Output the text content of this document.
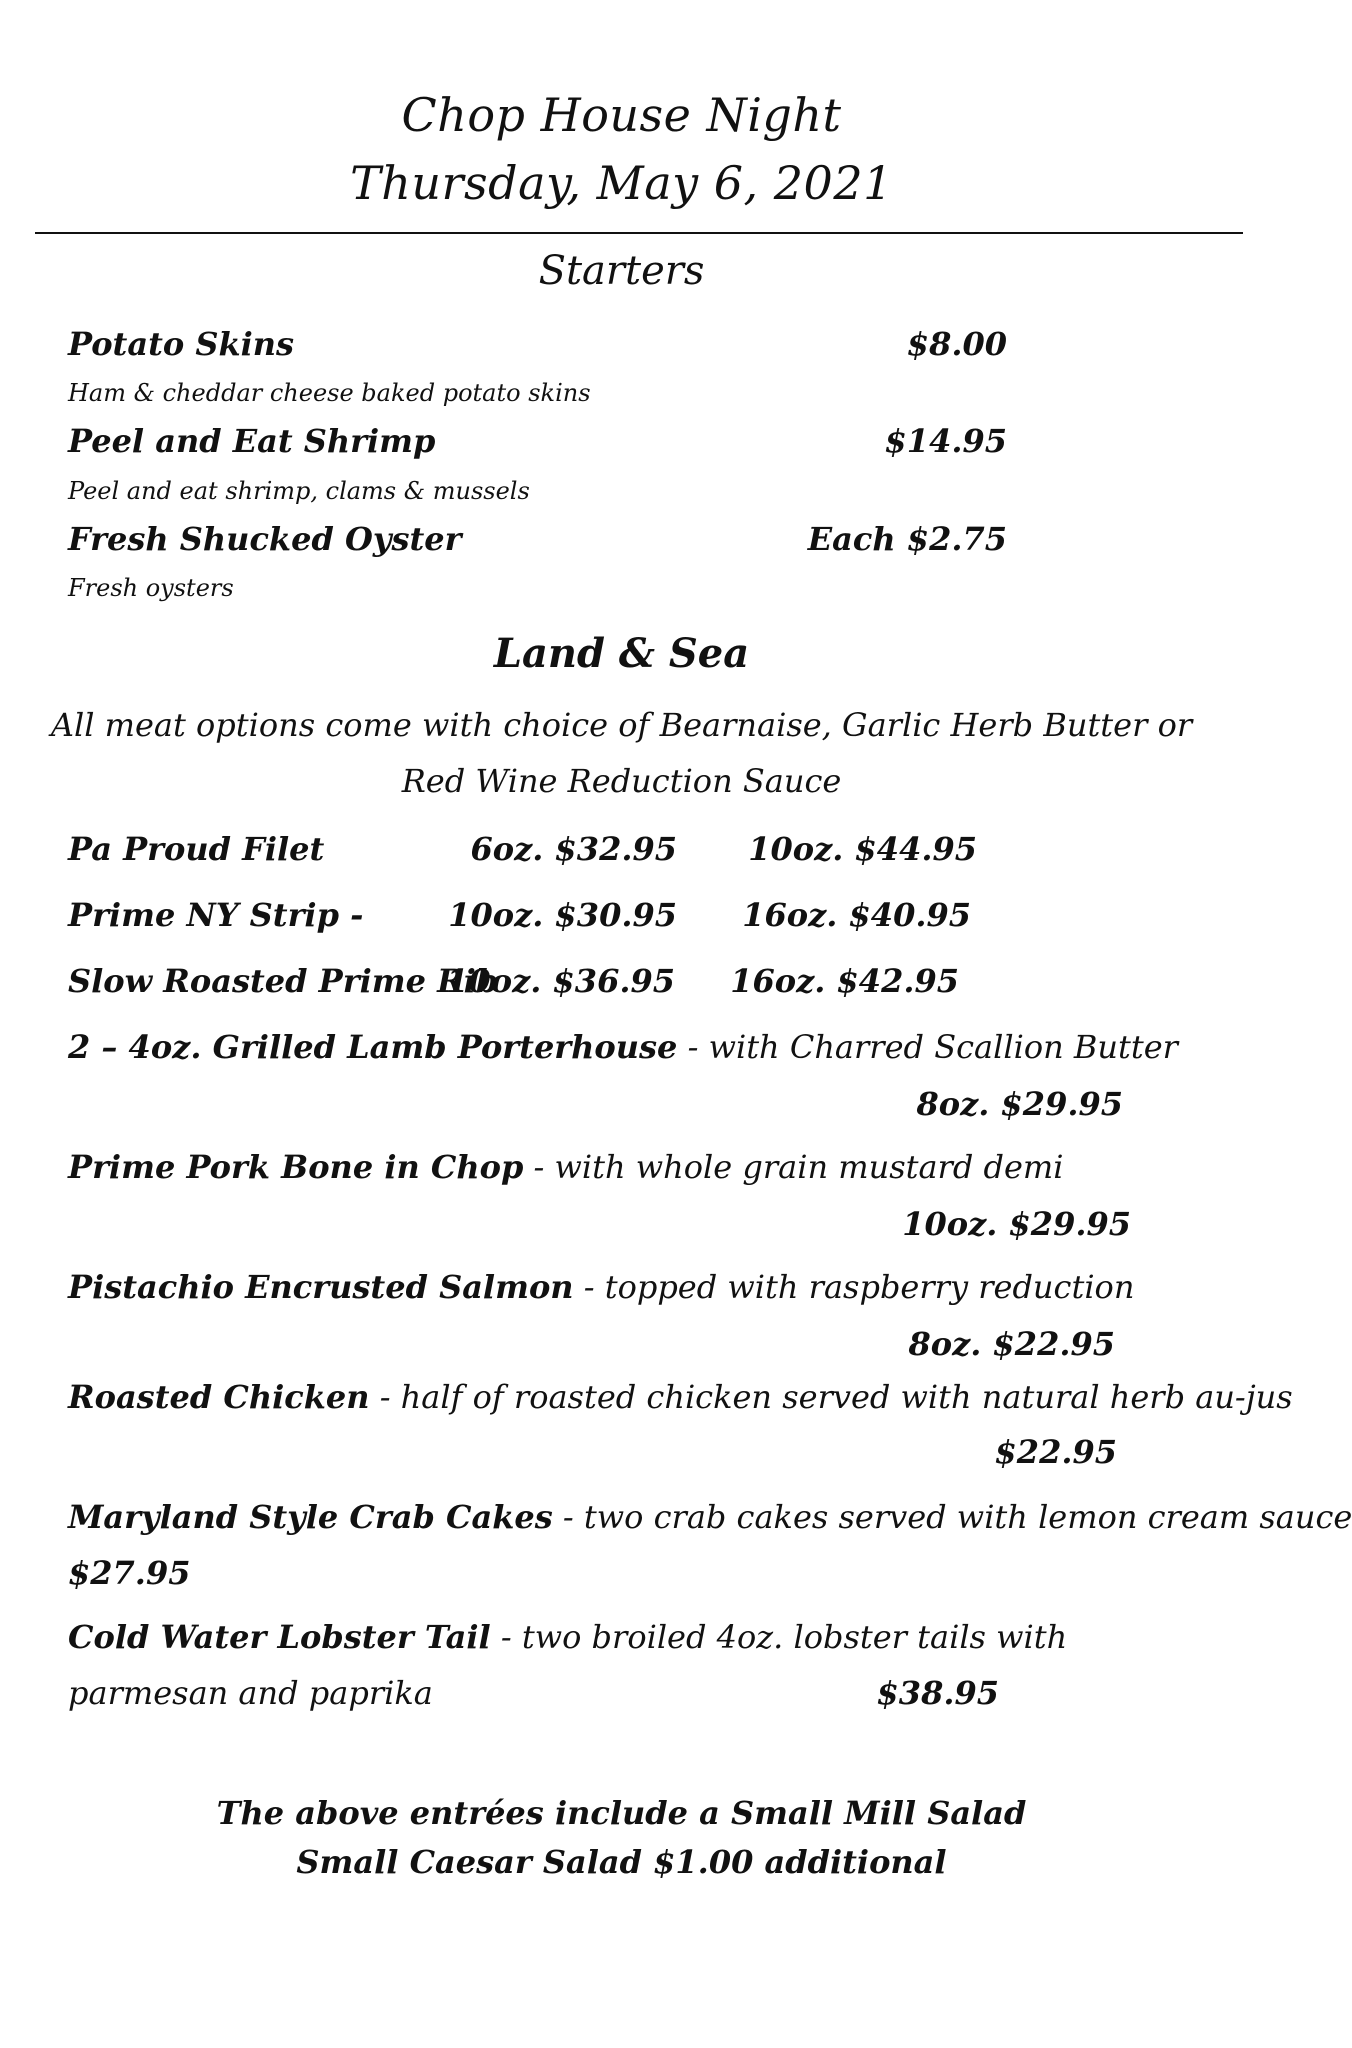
Chop House Night
Thursday, May 6, 2021
Starters
Potato Skins	$8.00
Ham & cheddar cheese baked potato skins
Peel and Eat Shrimp	$14.95
Peel and eat shrimp, clams & mussels
Fresh Shucked Oyster	Each $2.75
Fresh oysters
Land & Sea
All meat options come with choice of Bearnaise, Garlic Herb Butter or
Red Wine Reduction Sauce
Pa Proud Filet	6oz. $32.95 10oz. $44.95
Prime NY Strip -	10oz. $30.95 16oz. $40.95
Slow Roasted Prime Rib
10oz. $36.95 16oz. $42.95
2 – 4oz. Grilled Lamb Porterhouse - with Charred Scallion Butter
8oz. $29.95
Prime Pork Bone in Chop - with whole grain mustard demi
10oz. $29.95
Pistachio Encrusted Salmon - topped with raspberry reduction
8oz. $22.95
Roasted Chicken - half of roasted chicken served with natural herb au-jus
$22.95
Maryland Style Crab Cakes - two crab cakes served with lemon cream sauce
$27.95
Cold Water Lobster Tail - two broiled 4oz. lobster tails with
parmesan and paprika	$38.95
The above entrées include a Small Mill Salad
Small Caesar Salad $1.00 additional
